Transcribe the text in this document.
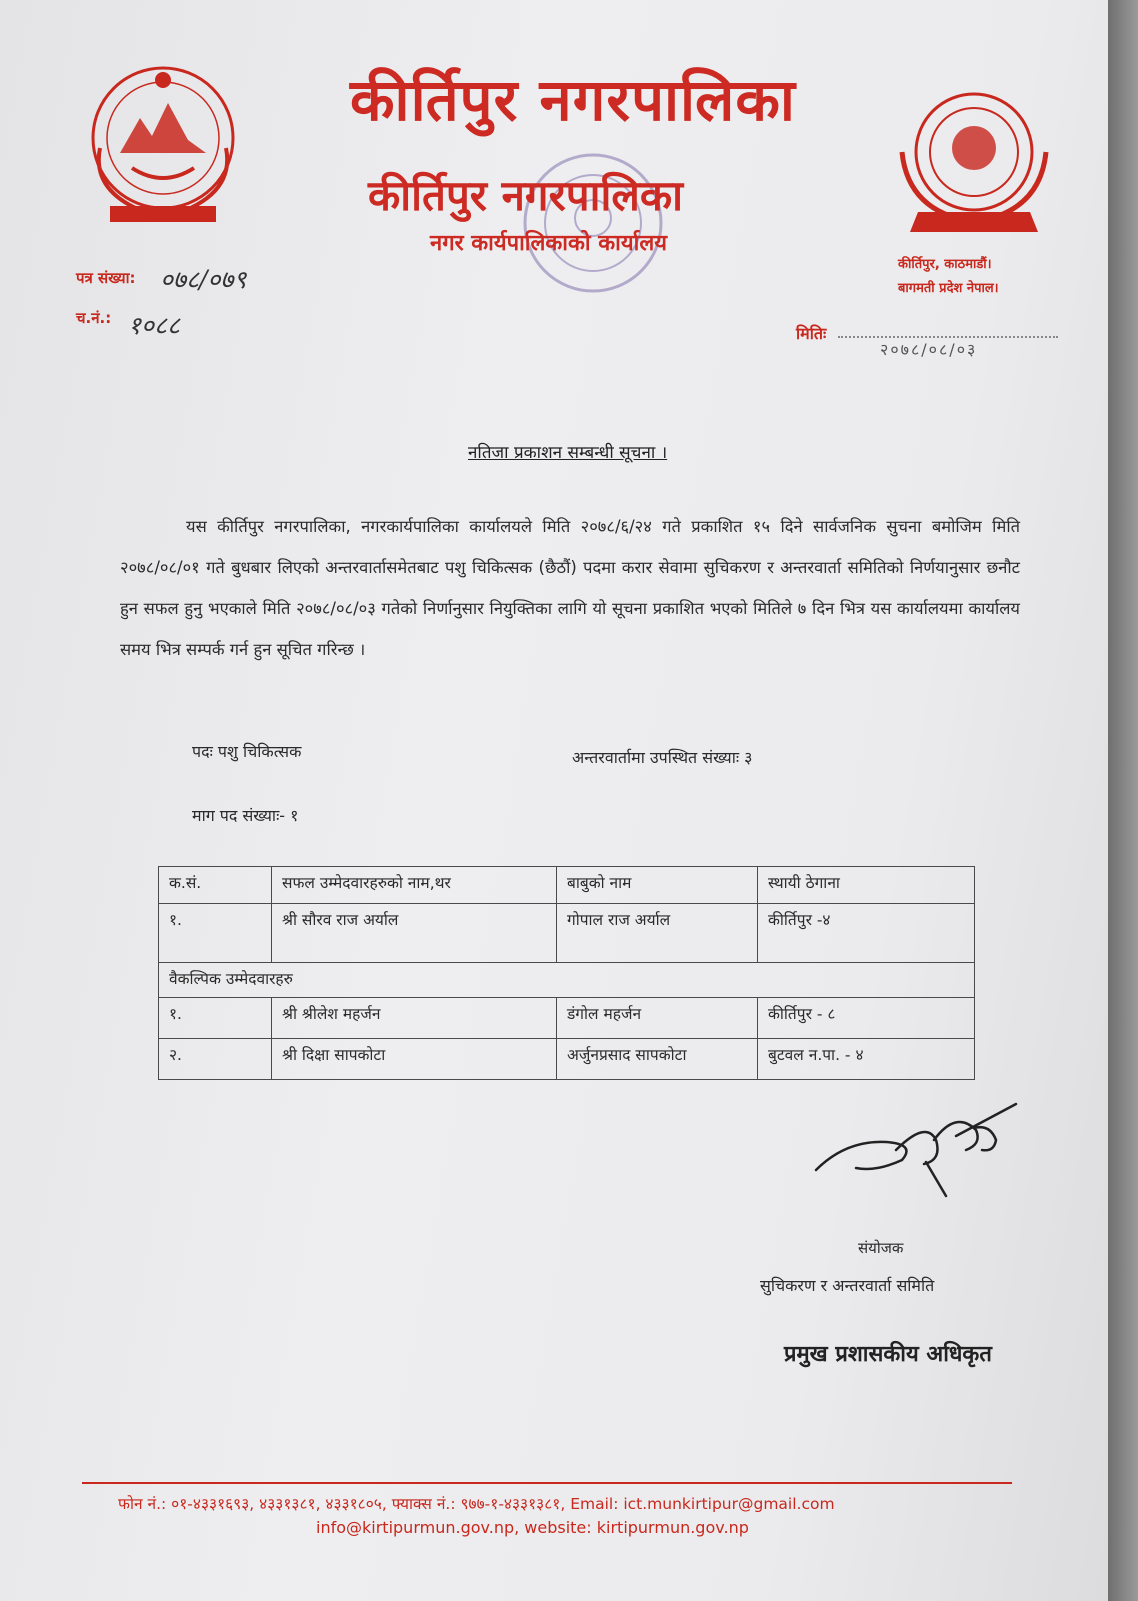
कीर्तिपुर नगरपालिका
कीर्तिपुर नगरपालिका
नगर कार्यपालिकाको कार्यालय
कीर्तिपुर, काठमाडौं।
बागमती प्रदेश नेपाल।
पत्र संख्या: ०७८/०७९
च.नं.: १०८८	मितिः
२०७८/०८/०३
नतिजा प्रकाशन सम्बन्धी सूचना ।
यस कीर्तिपुर नगरपालिका, नगरकार्यपालिका कार्यालयले मिति २०७८/६/२४ गते प्रकाशित १५ दिने सार्वजनिक सुचना बमोजिम मिति २०७८/०८/०१ गते बुधबार लिएको अन्तरवार्तासमेतबाट पशु चिकित्सक (छैठौं) पदमा करार सेवामा सुचिकरण र अन्तरवार्ता समितिको निर्णयानुसार छनौट हुन सफल हुनु भएकाले मिति २०७८/०८/०३ गतेको निर्णानुसार नियुक्तिका लागि यो सूचना प्रकाशित भएको मितिले ७ दिन भित्र यस कार्यालयमा कार्यालय समय भित्र सम्पर्क गर्न हुन सूचित गरिन्छ ।
पदः पशु चिकित्सक	अन्तरवार्तामा उपस्थित संख्याः ३
माग पद संख्याः- १
क.सं.	सफल उम्मेदवारहरुको नाम,थर	बाबुको नाम	स्थायी ठेगाना
१.	श्री सौरव राज अर्याल	गोपाल राज अर्याल	कीर्तिपुर -४
वैकल्पिक उम्मेदवारहरु			
१.	श्री श्रीलेश महर्जन	डंगोल महर्जन	कीर्तिपुर - ८
२.	श्री दिक्षा सापकोटा	अर्जुनप्रसाद सापकोटा	बुटवल न.पा. - ४
संयोजक
सुचिकरण र अन्तरवार्ता समिति
प्रमुख प्रशासकीय अधिकृत
फोन नं.: ०१-४३३१६९३, ४३३१३८१, ४३३१८०५, फ्याक्स नं.: ९७७-१-४३३१३८१, Email: ict.munkirtipur@gmail.com
info@kirtipurmun.gov.np, website: kirtipurmun.gov.np
